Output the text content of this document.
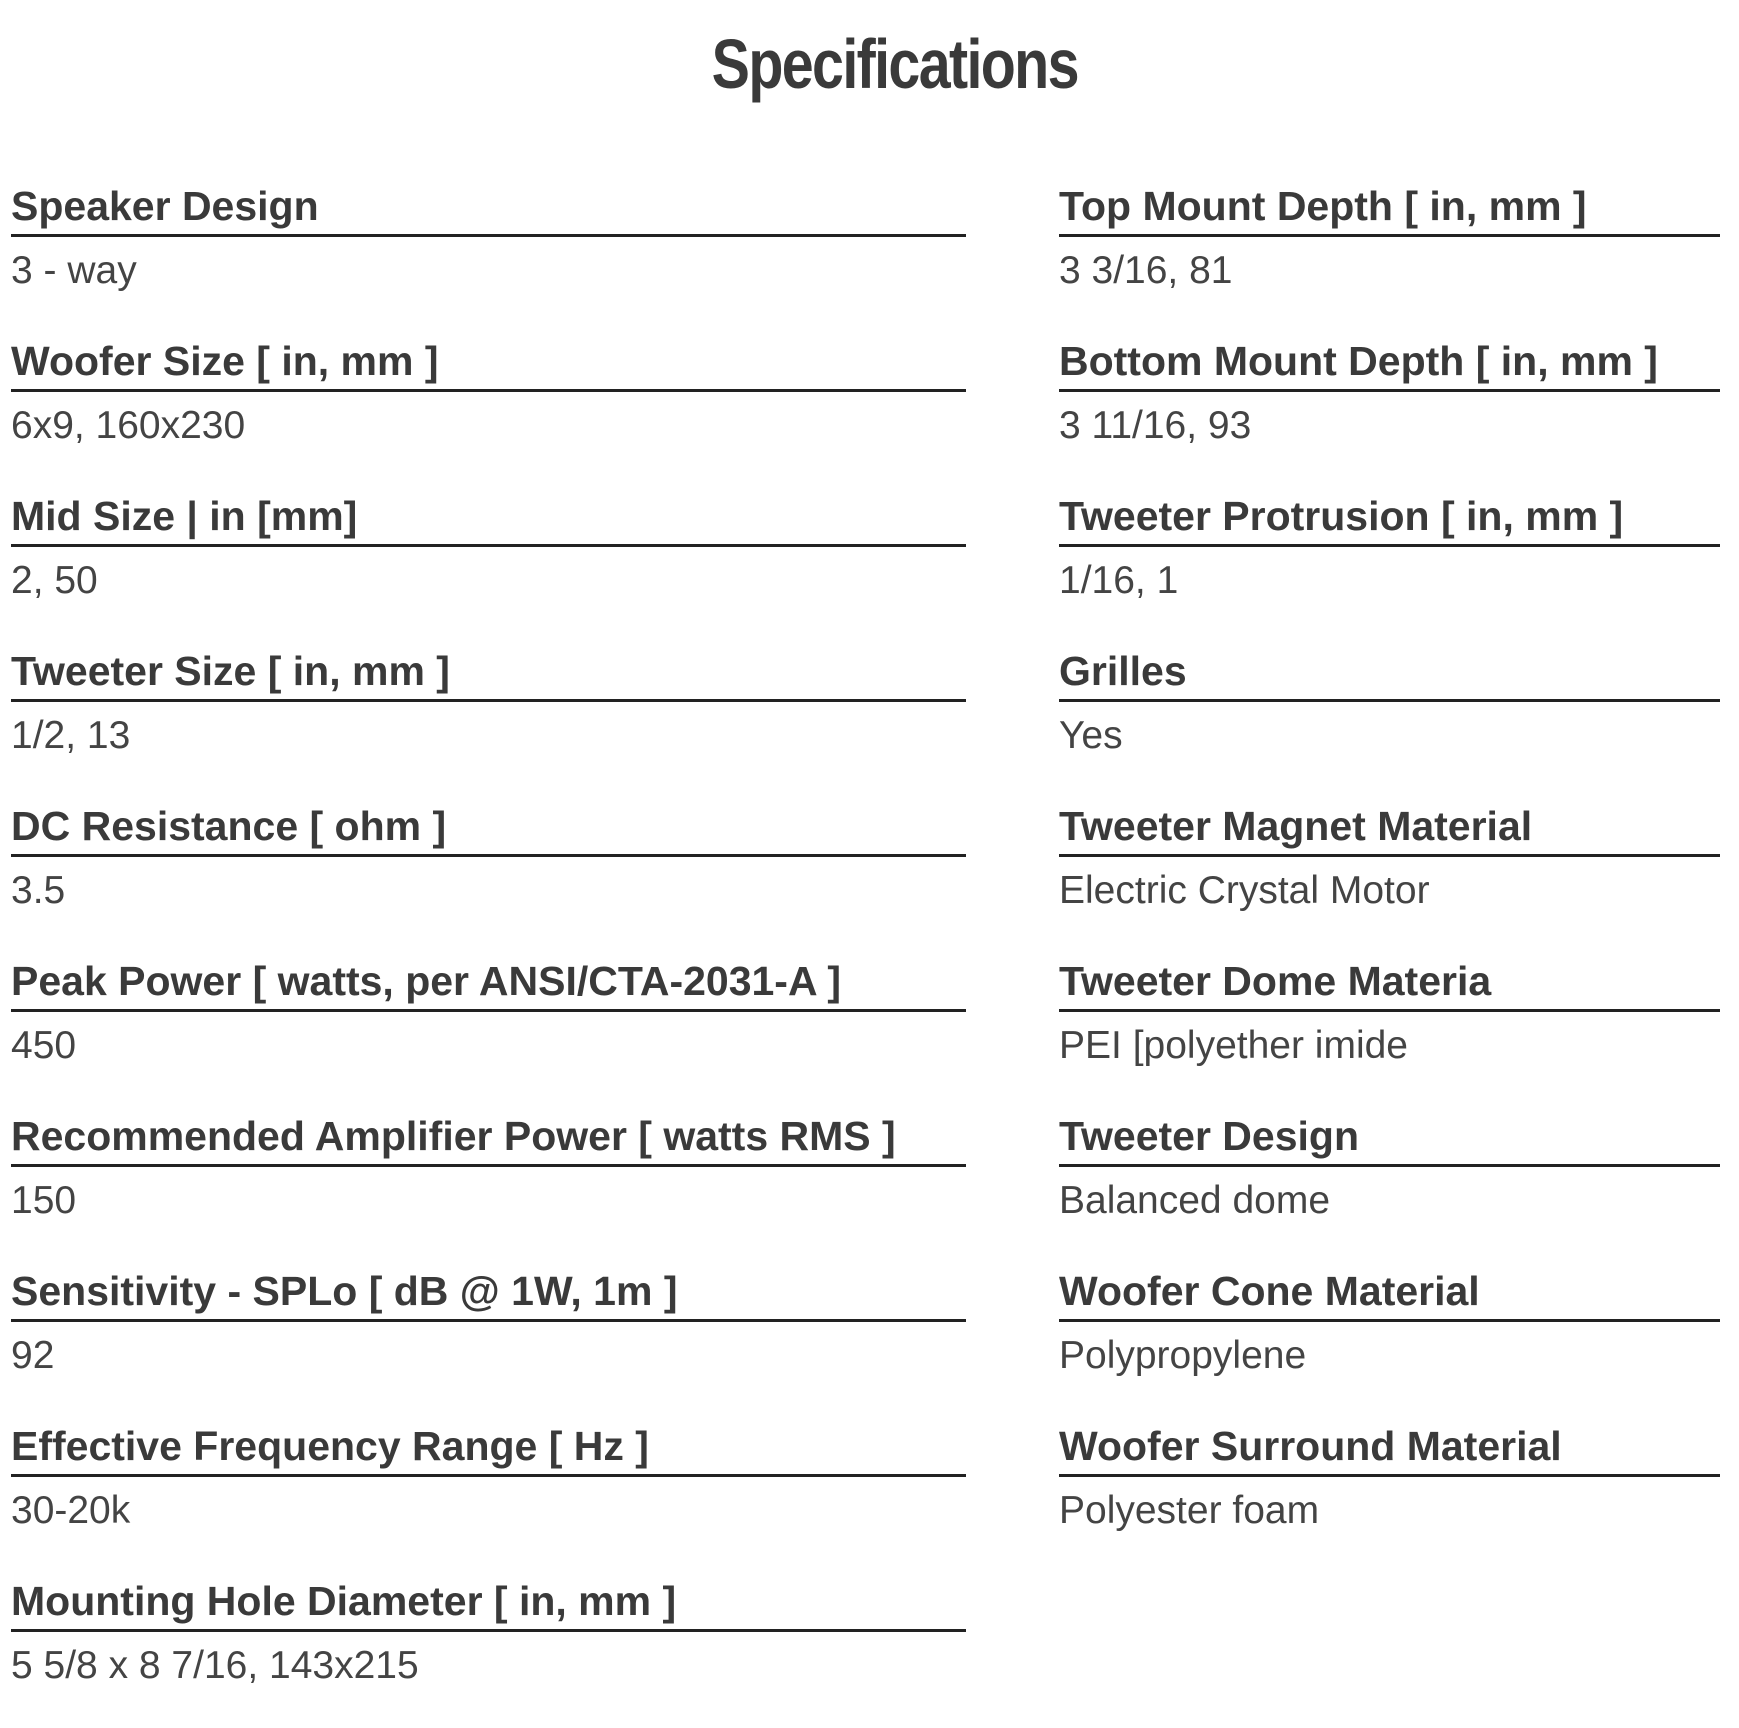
Specifications
Speaker Design
3 - way
Woofer Size [ in, mm ]
6x9, 160x230
Mid Size | in [mm]
2, 50
Tweeter Size [ in, mm ]
1/2, 13
DC Resistance [ ohm ]
3.5
Peak Power [ watts, per ANSI/CTA-2031-A ]
450
Recommended Amplifier Power [ watts RMS ]
150
Sensitivity - SPLo [ dB @ 1W, 1m ]
92
Effective Frequency Range [ Hz ]
30-20k
Mounting Hole Diameter [ in, mm ]
5 5/8 x 8 7/16, 143x215
Top Mount Depth [ in, mm ]
3 3/16, 81
Bottom Mount Depth [ in, mm ]
3 11/16, 93
Tweeter Protrusion [ in, mm ]
1/16, 1
Grilles
Yes
Tweeter Magnet Material
Electric Crystal Motor
Tweeter Dome Materia
PEI [polyether imide
Tweeter Design
Balanced dome
Woofer Cone Material
Polypropylene
Woofer Surround Material
Polyester foam
